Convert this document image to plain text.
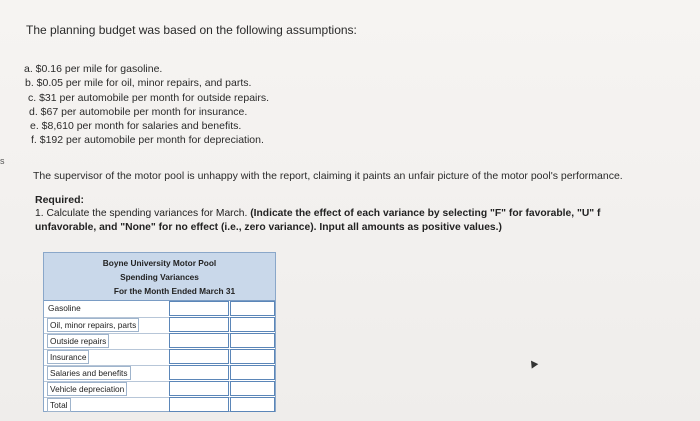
The planning budget was based on the following assumptions:
a. $0.16 per mile for gasoline.
b. $0.05 per mile for oil, minor repairs, and parts.
c. $31 per automobile per month for outside repairs.
d. $67 per automobile per month for insurance.
e. $8,610 per month for salaries and benefits.
f. $192 per automobile per month for depreciation.
s
The supervisor of the motor pool is unhappy with the report, claiming it paints an unfair picture of the motor pool's performance.
Required:
1. Calculate the spending variances for March. (Indicate the effect of each variance by selecting "F" for favorable, "U" f
unfavorable, and "None" for no effect (i.e., zero variance). Input all amounts as positive values.)
Boyne University Motor Pool
Spending Variances
For the Month Ended March 31
Gasoline
Oil, minor repairs, parts
Outside repairs
Insurance
Salaries and benefits
Vehicle depreciation
Total
